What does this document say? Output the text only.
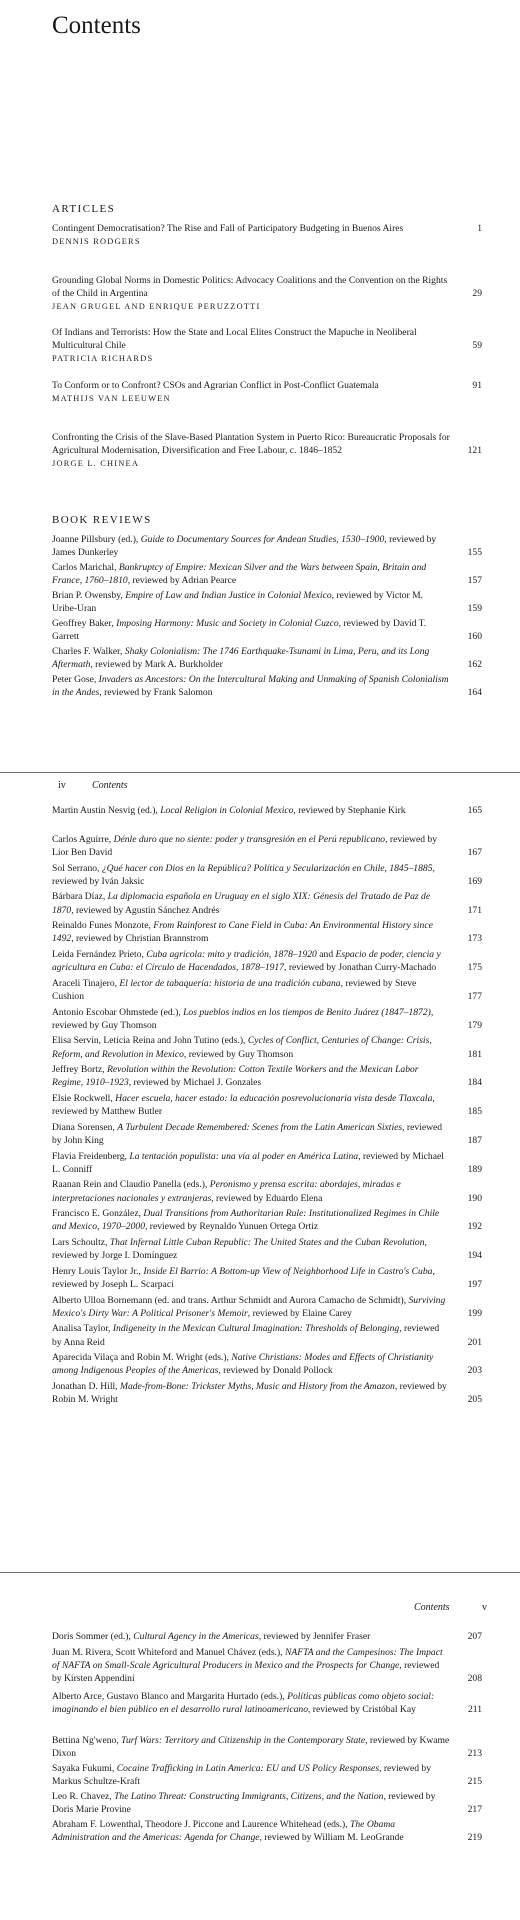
Contents
ARTICLES
Contingent Democratisation? The Rise and Fall of Participatory Budgeting in Buenos Aires
DENNIS RODGERS
1
Grounding Global Norms in Domestic Politics: Advocacy Coalitions and the Convention on the Rights of the Child in Argentina
JEAN GRUGEL AND ENRIQUE PERUZZOTTI
29
Of Indians and Terrorists: How the State and Local Elites Construct the Mapuche in Neoliberal Multicultural Chile
PATRICIA RICHARDS
59
To Conform or to Confront? CSOs and Agrarian Conflict in Post-Conflict Guatemala
MATHIJS VAN LEEUWEN
91
Confronting the Crisis of the Slave-Based Plantation System in Puerto Rico: Bureaucratic Proposals for Agricultural Modernisation, Diversification and Free Labour, c. 1846–1852
JORGE L. CHINEA
121
BOOK REVIEWS
Joanne Pillsbury (ed.), Guide to Documentary Sources for Andean Studies, 1530–1900, reviewed by James Dunkerley	155
Carlos Marichal, Bankruptcy of Empire: Mexican Silver and the Wars between Spain, Britain and France, 1760–1810, reviewed by Adrian Pearce	157
Brian P. Owensby, Empire of Law and Indian Justice in Colonial Mexico, reviewed by Victor M. Uribe-Uran	159
Geoffrey Baker, Imposing Harmony: Music and Society in Colonial Cuzco, reviewed by David T. Garrett	160
Charles F. Walker, Shaky Colonialism: The 1746 Earthquake-Tsunami in Lima, Peru, and its Long Aftermath, reviewed by Mark A. Burkholder	162
Peter Gose, Invaders as Ancestors: On the Intercultural Making and Unmaking of Spanish Colonialism in the Andes, reviewed by Frank Salomon	164
iv	Contents
Martin Austin Nesvig (ed.), Local Religion in Colonial Mexico, reviewed by Stephanie Kirk	165
Carlos Aguirre, Dénle duro que no siente: poder y transgresión en el Perú republicano, reviewed by Lior Ben David	167
Sol Serrano, ¿Qué hacer con Dios en la República? Política y Secularización en Chile, 1845–1885, reviewed by Iván Jaksic	169
Bárbara Díaz, La diplomacia española en Uruguay en el siglo XIX: Génesis del Tratado de Paz de 1870, reviewed by Agustín Sánchez Andrés	171
Reinaldo Funes Monzote, From Rainforest to Cane Field in Cuba: An Environmental History since 1492, reviewed by Christian Brannstrom	173
Leida Fernández Prieto, Cuba agrícola: mito y tradición, 1878–1920 and Espacio de poder, ciencia y agricultura en Cuba: el Círculo de Hacendados, 1878–1917, reviewed by Jonathan Curry-Machado	175
Araceli Tinajero, El lector de tabaquería: historia de una tradición cubana, reviewed by Steve Cushion	177
Antonio Escobar Ohmstede (ed.), Los pueblos indios en los tiempos de Benito Juárez (1847–1872), reviewed by Guy Thomson	179
Elisa Servín, Leticia Reina and John Tutino (eds.), Cycles of Conflict, Centuries of Change: Crisis, Reform, and Revolution in Mexico, reviewed by Guy Thomson	181
Jeffrey Bortz, Revolution within the Revolution: Cotton Textile Workers and the Mexican Labor Regime, 1910–1923, reviewed by Michael J. Gonzales	184
Elsie Rockwell, Hacer escuela, hacer estado: la educación posrevolucionaria vista desde Tlaxcala, reviewed by Matthew Butler	185
Diana Sorensen, A Turbulent Decade Remembered: Scenes from the Latin American Sixties, reviewed by John King	187
Flavia Freidenberg, La tentación populista: una vía al poder en América Latina, reviewed by Michael L. Conniff	189
Raanan Rein and Claudio Panella (eds.), Peronismo y prensa escrita: abordajes, miradas e interpretaciones nacionales y extranjeras, reviewed by Eduardo Elena	190
Francisco E. González, Dual Transitions from Authoritarian Rule: Institutionalized Regimes in Chile and Mexico, 1970–2000, reviewed by Reynaldo Yunuen Ortega Ortiz	192
Lars Schoultz, That Infernal Little Cuban Republic: The United States and the Cuban Revolution, reviewed by Jorge I. Domínguez	194
Henry Louis Taylor Jr., Inside El Barrio: A Bottom-up View of Neighborhood Life in Castro's Cuba, reviewed by Joseph L. Scarpaci	197
Alberto Ulloa Bornemann (ed. and trans. Arthur Schmidt and Aurora Camacho de Schmidt), Surviving Mexico's Dirty War: A Political Prisoner's Memoir, reviewed by Elaine Carey	199
Analisa Taylor, Indigeneity in the Mexican Cultural Imagination: Thresholds of Belonging, reviewed by Anna Reid	201
Aparecida Vilaça and Robin M. Wright (eds.), Native Christians: Modes and Effects of Christianity among Indigenous Peoples of the Americas, reviewed by Donald Pollock	203
Jonathan D. Hill, Made-from-Bone: Trickster Myths, Music and History from the Amazon, reviewed by Robin M. Wright	205
Contents	v
Doris Sommer (ed.), Cultural Agency in the Americas, reviewed by Jennifer Fraser	207
Juan M. Rivera, Scott Whiteford and Manuel Chávez (eds.), NAFTA and the Campesinos: The Impact of NAFTA on Small-Scale Agricultural Producers in Mexico and the Prospects for Change, reviewed by Kirsten Appendini	208
Alberto Arce, Gustavo Blanco and Margarita Hurtado (eds.), Políticas públicas como objeto social: imaginando el bien público en el desarrollo rural latinoamericano, reviewed by Cristóbal Kay	211
Bettina Ng'weno, Turf Wars: Territory and Citizenship in the Contemporary State, reviewed by Kwame Dixon	213
Sayaka Fukumi, Cocaine Trafficking in Latin America: EU and US Policy Responses, reviewed by Markus Schultze-Kraft	215
Leo R. Chavez, The Latino Threat: Constructing Immigrants, Citizens, and the Nation, reviewed by Doris Marie Provine	217
Abraham F. Lowenthal, Theodore J. Piccone and Laurence Whitehead (eds.), The Obama Administration and the Americas: Agenda for Change, reviewed by William M. LeoGrande	219
